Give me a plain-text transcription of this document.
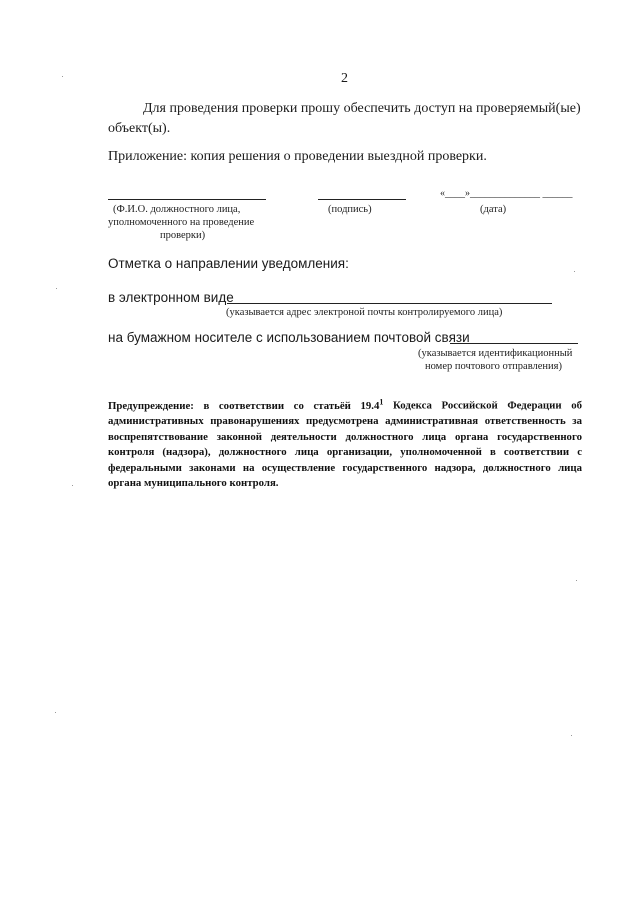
2
Для проведения проверки прошу обеспечить доступ на проверяемый(ые)
объект(ы).
Приложение: копия решения о проведении выездной проверки.
«____»______________ ______
(Ф.И.О. должностного лица,
уполномоченного на проведение
проверки)
(подпись)	(дата)
Отметка о направлении уведомления:
в электронном виде
(указывается адрес электроной почты контролируемого лица)
на бумажном носителе с использованием почтовой связи
(указывается идентификационный
номер почтового отправления)
Предупреждение: в соответствии со статьёй 19.4$^1$ Кодекса Российской Федерации об административных правонарушениях предусмотрена административная ответственность за воспрепятствование законной деятельности должностного лица органа государственного контроля (надзора), должностного лица организации, уполномоченной в соответствии с федеральными законами на осуществление государственного надзора, должностного лица органа муниципального контроля.
